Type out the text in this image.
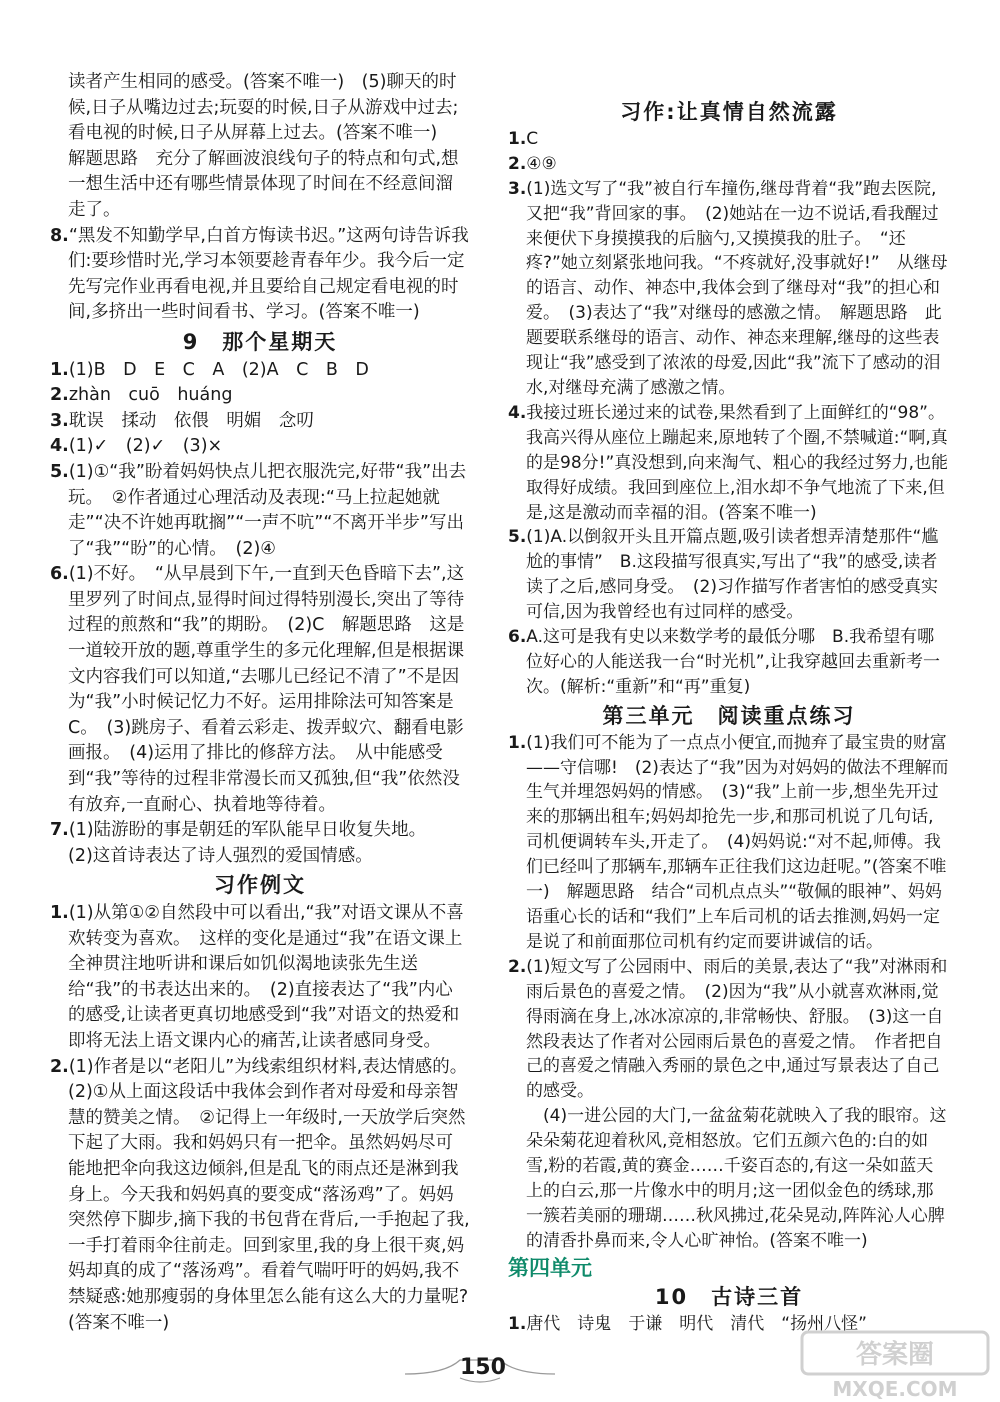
读者产生相同的感受。(答案不唯一)　(5)聊天的时候,日子从嘴边过去;玩耍的时候,日子从游戏中过去;看电视的时候,日子从屏幕上过去。(答案不唯一)　解题思路　充分了解画波浪线句子的特点和句式,想一想生活中还有哪些情景体现了时间在不经意间溜走了。
8.“黑发不知勤学早,白首方悔读书迟。”这两句诗告诉我们:要珍惜时光,学习本领要趁青春年少。我今后一定先写完作业再看电视,并且要给自己规定看电视的时间,多挤出一些时间看书、学习。(答案不唯一)
9　那个星期天
1.(1)B　D　E　C　A　(2)A　C　B　D
2.zhàn　cuō　huáng
3.耽误　揉动　依偎　明媚　念叨
4.(1)✓　(2)✓　(3)×
5.(1)①“我”盼着妈妈快点儿把衣服洗完,好带“我”出去玩。　②作者通过心理活动及表现:“马上拉起她就走”“决不许她再耽搁”“一声不吭”“不离开半步”写出了“我”“盼”的心情。　(2)④
6.(1)不好。　“从早晨到下午,一直到天色昏暗下去”,这里罗列了时间点,显得时间过得特别漫长,突出了等待过程的煎熬和“我”的期盼。　(2)C　解题思路　这是一道较开放的题,尊重学生的多元化理解,但是根据课文内容我们可以知道,“去哪儿已经记不清了”不是因为“我”小时候记忆力不好。运用排除法可知答案是C。　(3)跳房子、看着云彩走、拨弄蚁穴、翻看电影画报。　(4)运用了排比的修辞方法。　从中能感受到“我”等待的过程非常漫长而又孤独,但“我”依然没有放弃,一直耐心、执着地等待着。
7.(1)陆游盼的事是朝廷的军队能早日收复失地。
(2)这首诗表达了诗人强烈的爱国情感。
习作例文
1.(1)从第①②自然段中可以看出,“我”对语文课从不喜欢转变为喜欢。　这样的变化是通过“我”在语文课上全神贯注地听讲和课后如饥似渴地读张先生送给“我”的书表达出来的。　(2)直接表达了“我”内心的感受,让读者更真切地感受到“我”对语文的热爱和即将无法上语文课内心的痛苦,让读者感同身受。
2.(1)作者是以“老阳儿”为线索组织材料,表达情感的。　(2)①从上面这段话中我体会到作者对母爱和母亲智慧的赞美之情。　②记得上一年级时,一天放学后突然下起了大雨。我和妈妈只有一把伞。虽然妈妈尽可能地把伞向我这边倾斜,但是乱飞的雨点还是淋到我身上。今天我和妈妈真的要变成“落汤鸡”了。妈妈突然停下脚步,摘下我的书包背在背后,一手抱起了我,一手打着雨伞往前走。回到家里,我的身上很干爽,妈妈却真的成了“落汤鸡”。看着气喘吁吁的妈妈,我不禁疑惑:她那瘦弱的身体里怎么能有这么大的力量呢?(答案不唯一)
习作:让真情自然流露
1.C
2.④⑨
3.(1)选文写了“我”被自行车撞伤,继母背着“我”跑去医院,又把“我”背回家的事。　(2)她站在一边不说话,看我醒过来便伏下身摸摸我的后脑勺,又摸摸我的肚子。　“还疼?”她立刻紧张地问我。“不疼就好,没事就好!”　从继母的语言、动作、神态中,我体会到了继母对“我”的担心和爱。　(3)表达了“我”对继母的感激之情。　解题思路　此题要联系继母的语言、动作、神态来理解,继母的这些表现让“我”感受到了浓浓的母爱,因此“我”流下了感动的泪水,对继母充满了感激之情。
4.我接过班长递过来的试卷,果然看到了上面鲜红的“98”。我高兴得从座位上蹦起来,原地转了个圈,不禁喊道:“啊,真的是98分!”真没想到,向来淘气、粗心的我经过努力,也能取得好成绩。我回到座位上,泪水却不争气地流了下来,但是,这是激动而幸福的泪。(答案不唯一)
5.(1)A.以倒叙开头且开篇点题,吸引读者想弄清楚那件“尴尬的事情”　B.这段描写很真实,写出了“我”的感受,读者读了之后,感同身受。　(2)习作描写作者害怕的感受真实可信,因为我曾经也有过同样的感受。
6.A.这可是我有史以来数学考的最低分哪　B.我希望有哪位好心的人能送我一台“时光机”,让我穿越回去重新考一次。(解析:“重新”和“再”重复)
第三单元　阅读重点练习
1.(1)我们可不能为了一点点小便宜,而抛弃了最宝贵的财富——守信哪!　(2)表达了“我”因为对妈妈的做法不理解而生气并埋怨妈妈的情感。　(3)“我”上前一步,想坐先开过来的那辆出租车;妈妈却抢先一步,和那司机说了几句话,司机便调转车头,开走了。　(4)妈妈说:“对不起,师傅。我们已经叫了那辆车,那辆车正往我们这边赶呢。”(答案不唯一)　解题思路　结合“司机点点头”“敬佩的眼神”、妈妈语重心长的话和“我们”上车后司机的话去推测,妈妈一定是说了和前面那位司机有约定而要讲诚信的话。
2.(1)短文写了公园雨中、雨后的美景,表达了“我”对淋雨和雨后景色的喜爱之情。　(2)因为“我”从小就喜欢淋雨,觉得雨滴在身上,冰冰凉凉的,非常畅快、舒服。　(3)这一自然段表达了作者对公园雨后景色的喜爱之情。　作者把自己的喜爱之情融入秀丽的景色之中,通过写景表达了自己的感受。
　(4)一进公园的大门,一盆盆菊花就映入了我的眼帘。这朵朵菊花迎着秋风,竞相怒放。它们五颜六色的:白的如雪,粉的若霞,黄的赛金……千姿百态的,有这一朵如蓝天上的白云,那一片像水中的明月;这一团似金色的绣球,那一簇若美丽的珊瑚……秋风拂过,花朵晃动,阵阵沁人心脾的清香扑鼻而来,令人心旷神怡。(答案不唯一)
第四单元
10　古诗三首
1.唐代　诗鬼　于谦　明代　清代　“扬州八怪”
150	答案圈
MXQE.COM
